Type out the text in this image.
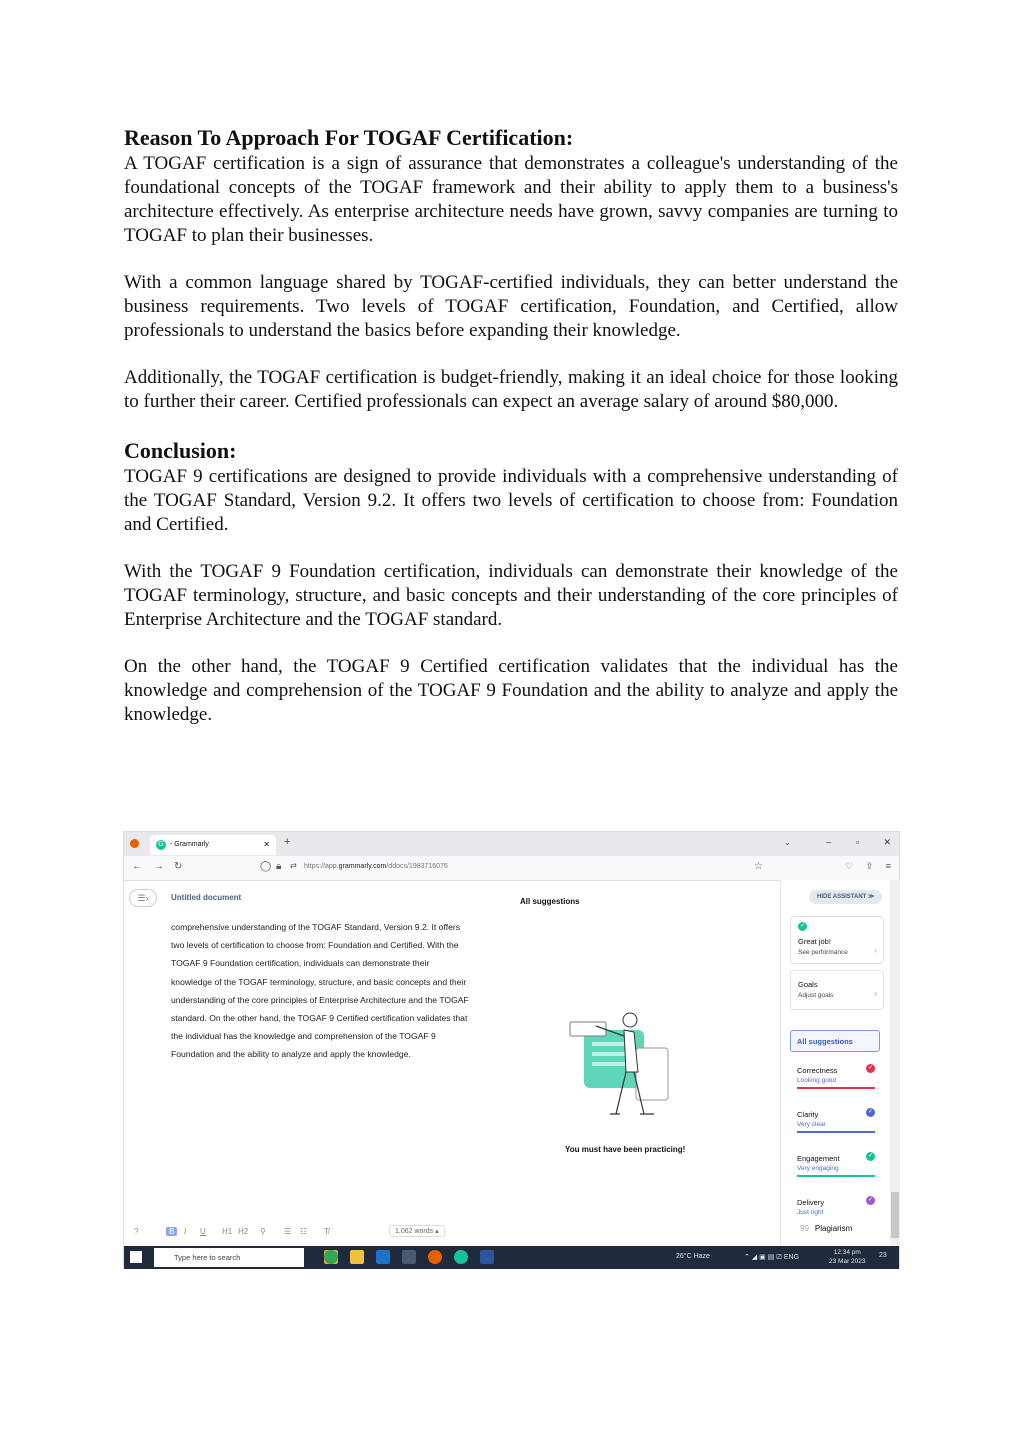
Reason To Approach For TOGAF Certification:

A TOGAF certification is a sign of assurance that demonstrates a colleague's understanding of the foundational concepts of the TOGAF framework and their ability to apply them to a business's architecture effectively. As enterprise architecture needs have grown, savvy companies are turning to TOGAF to plan their businesses.

With a common language shared by TOGAF-certified individuals, they can better understand the business requirements. Two levels of TOGAF certification, Foundation, and Certified, allow professionals to understand the basics before expanding their knowledge.

Additionally, the TOGAF certification is budget-friendly, making it an ideal choice for those looking to further their career. Certified professionals can expect an average salary of around $80,000.

Conclusion:

TOGAF 9 certifications are designed to provide individuals with a comprehensive understanding of the TOGAF Standard, Version 9.2. It offers two levels of certification to choose from: Foundation and Certified.

With the TOGAF 9 Foundation certification, individuals can demonstrate their knowledge of the TOGAF terminology, structure, and basic concepts and their understanding of the core principles of Enterprise Architecture and the TOGAF standard.

On the other hand, the TOGAF 9 Certified certification validates that the individual has the knowledge and comprehension of the TOGAF 9 Foundation and the ability to analyze and apply the knowledge.

G - Grammarly	✕ +	⌄	–	▫	✕
← → ↻	◯ 🔒︎ ⇄ https://app.grammarly.com/ddocs/1983716076	☆	♡ ⇪ ≡
☰›	Untitled document
comprehensive understanding of the TOGAF Standard, Version 9.2. It offers two levels of certification to choose from: Foundation and Certified. With the TOGAF 9 Foundation certification, individuals can demonstrate their knowledge of the TOGAF terminology, structure, and basic concepts and their understanding of the core principles of Enterprise Architecture and the TOGAF standard. On the other hand, the TOGAF 9 Certified certification validates that the individual has the knowledge and comprehension of the TOGAF 9 Foundation and the ability to analyze and apply the knowledge.
All suggestions
You must have been practicing!
?	B	I U H1 H2 ⚲ ☰ ☷ T̸	1,062 words ▴
HIDE ASSISTANT ≫
✓
Great job!
See performance	›
Goals
Adjust goals	›
All suggestions
Correctness
Looking good
✓
Clarity
Very clear
✓
Engagement
Very engaging
✓
Delivery	✓
99 Plagiarism
Type here to search	26°C Haze	⌃ ◢ ▣ ▤ ⎚ ENG
12:34 pm
23 Mar 2023
23
